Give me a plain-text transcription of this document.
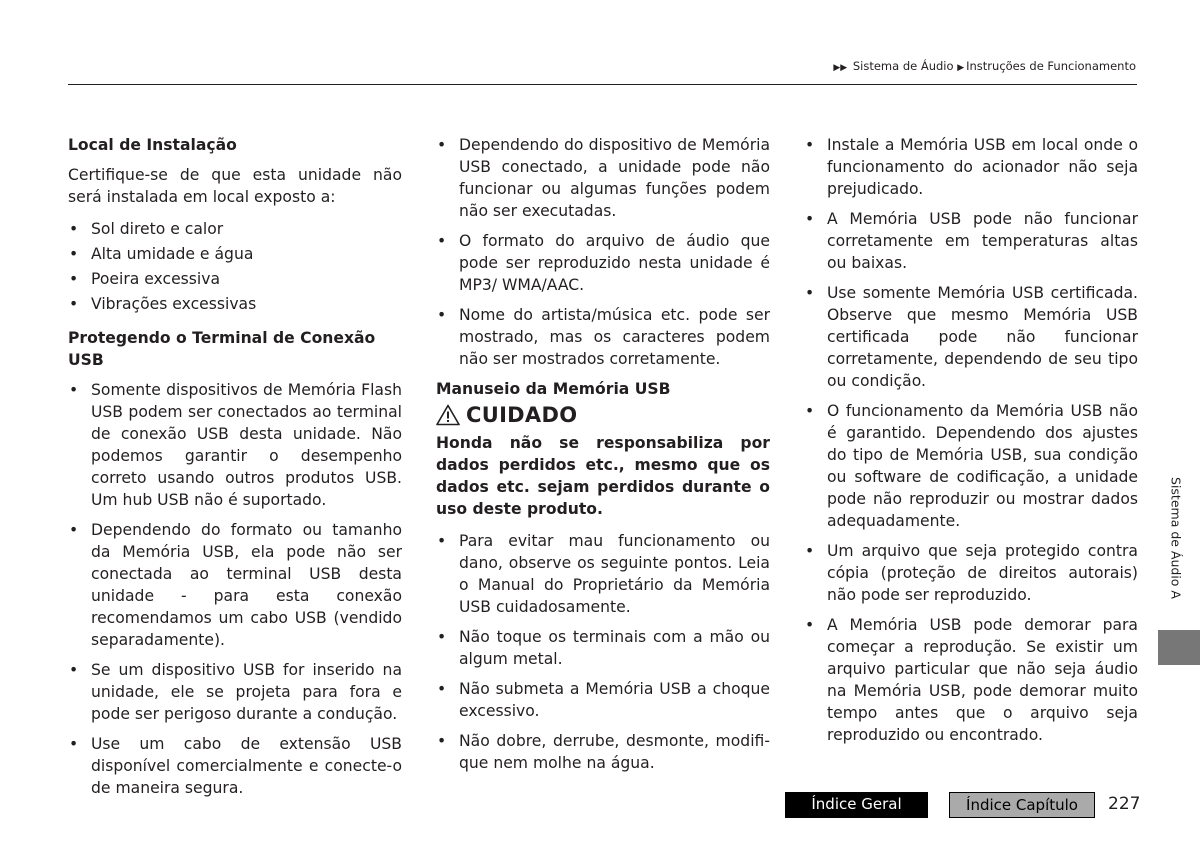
▶▶ Sistema de Áudio ▶ Instruções de Funcionamento
Local de Instalação

Certifique-se de que esta unidade não será instalada em local exposto a:

• Sol direto e calor
• Alta umidade e água
• Poeira excessiva
• Vibrações excessivas
Protegendo o Terminal de Conexão USB
• Somente dispositivos de Memória Flash USB podem ser conectados ao terminal de conexão USB desta unidade. Não podemos garantir o desempenho correto usando outros produtos USB. Um hub USB não é suportado.
• Dependendo do formato ou tamanho da Memória USB, ela pode não ser conectada ao terminal USB desta unidade - para esta conexão recomendamos um cabo USB (vendido separadamente).
• Se um dispositivo USB for inserido na unidade, ele se projeta para fora e pode ser perigoso durante a condução.
• Use um cabo de extensão USB disponível comercialmente e conecte-o de maneira segura.
• Dependendo do dispositivo de Memória USB conectado, a unidade pode não funcionar ou algumas funções podem não ser executadas.
• O formato do arquivo de áudio que pode ser reproduzido nesta unidade é MP3/ WMA/AAC.
• Nome do artista/música etc. pode ser mostrado, mas os caracteres podem não ser mostrados corretamente.
Manuseio da Memória USB
CUIDADO

Honda não se responsabiliza por dados perdidos etc., mesmo que os dados etc. sejam perdidos durante o uso deste produto.

• Para evitar mau funcionamento ou dano, observe os seguinte pontos. Leia o Manual do Proprietário da Memória USB cuidadosamente.
• Não toque os terminais com a mão ou algum metal.
• Não submeta a Memória USB a choque excessivo.
• Não dobre, derrube, desmonte, modifique nem molhe na água.
• Instale a Memória USB em local onde o funcionamento do acionador não seja prejudicado.
• A Memória USB pode não funcionar corretamente em temperaturas altas ou baixas.
• Use somente Memória USB certificada. Observe que mesmo Memória USB certificada pode não funcionar corretamente, dependendo de seu tipo ou condição.
• O funcionamento da Memória USB não é garantido. Dependendo dos ajustes do tipo de Memória USB, sua condição ou software de codificação, a unidade pode não reproduzir ou mostrar dados adequadamente.
• Um arquivo que seja protegido contra cópia (proteção de direitos autorais) não pode ser reproduzido.
• A Memória USB pode demorar para começar a reprodução. Se existir um arquivo particular que não seja áudio na Memória USB, pode demorar muito tempo antes que o arquivo seja reproduzido ou encontrado.
Sistema de Áudio A
Índice Geral	Índice Capítulo	227
